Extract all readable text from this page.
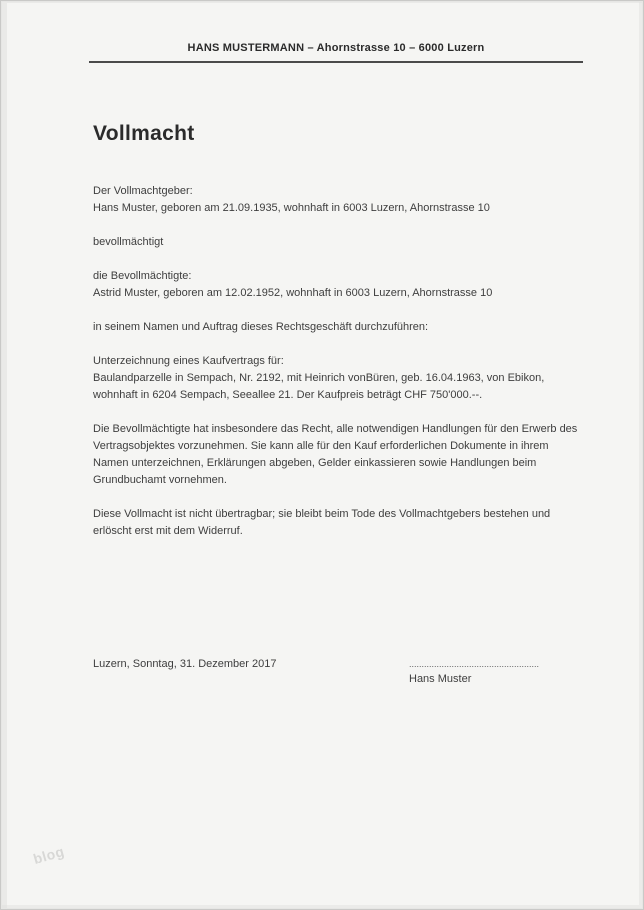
HANS MUSTERMANN – Ahornstrasse 10 – 6000 Luzern
Vollmacht
Der Vollmachtgeber:
Hans Muster, geboren am 21.09.1935, wohnhaft in 6003 Luzern, Ahornstrasse 10
bevollmächtigt
die Bevollmächtigte:
Astrid Muster, geboren am 12.02.1952, wohnhaft in 6003 Luzern, Ahornstrasse 10
in seinem Namen und Auftrag dieses Rechtsgeschäft durchzuführen:
Unterzeichnung eines Kaufvertrags für:
Baulandparzelle in Sempach, Nr. 2192, mit Heinrich vonBüren, geb. 16.04.1963, von Ebikon,
wohnhaft in 6204 Sempach, Seeallee 21. Der Kaufpreis beträgt CHF 750'000.--.
Die Bevollmächtigte hat insbesondere das Recht, alle notwendigen Handlungen für den Erwerb des
Vertragsobjektes vorzunehmen. Sie kann alle für den Kauf erforderlichen Dokumente in ihrem
Namen unterzeichnen, Erklärungen abgeben, Gelder einkassieren sowie Handlungen beim
Grundbuchamt vornehmen.
Diese Vollmacht ist nicht übertragbar; sie bleibt beim Tode des Vollmachtgebers bestehen und
erlöscht erst mit dem Widerruf.
Luzern, Sonntag, 31. Dezember 2017	....................................................
Hans Muster
blog
